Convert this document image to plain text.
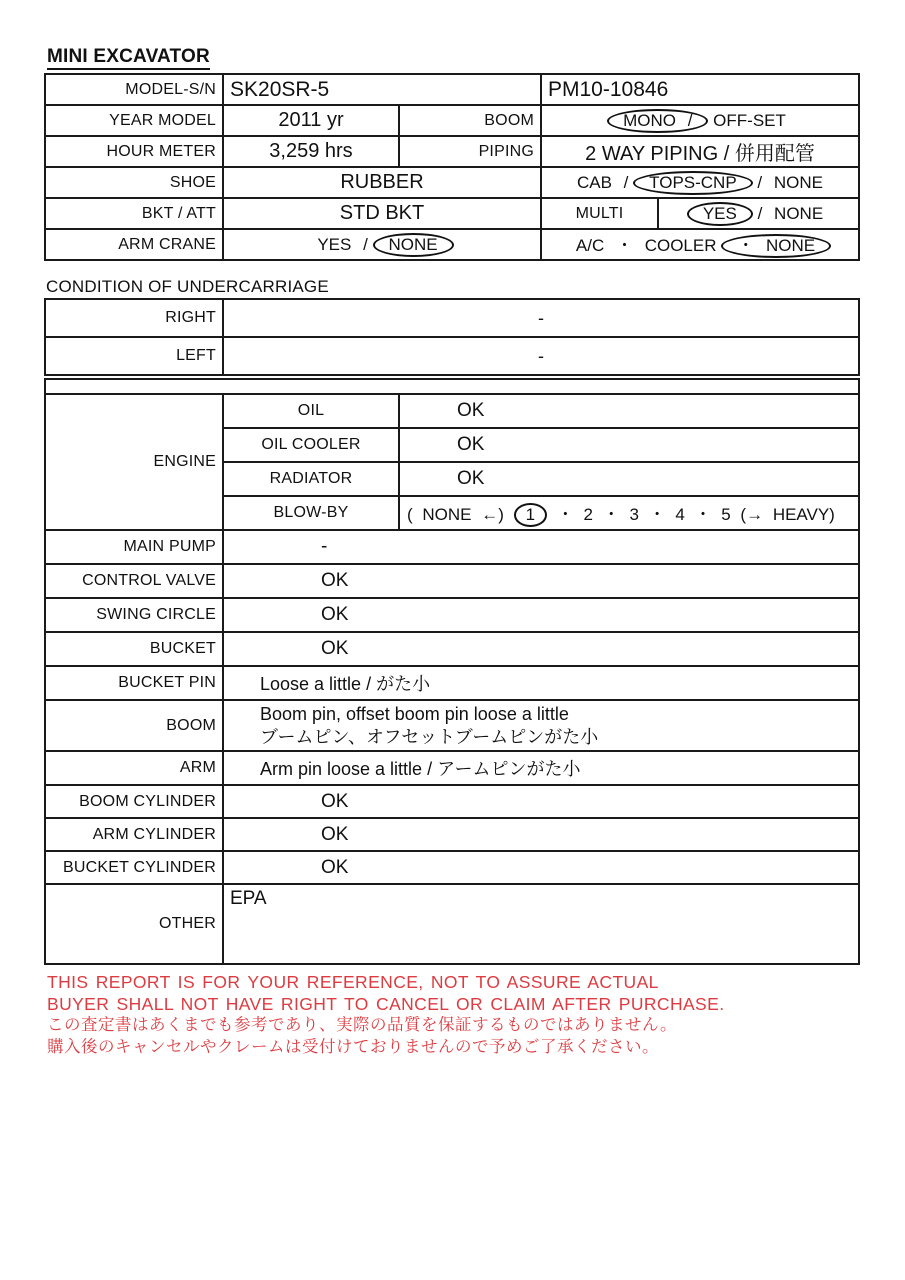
MINI EXCAVATOR
MODEL-S/N	SK20SR-5		PM10-10846	
YEAR MODEL	2011 yr	BOOM	MONO / OFF-SET	
HOUR METER	3,259 hrs	PIPING	2 WAY PIPING / 併用配管	
SHOE	RUBBER		CAB / TOPS-CNP / NONE	
BKT / ATT	STD BKT		MULTI	YES / NONE
ARM CRANE	YES / NONE		A/C ・ COOLER ・ NONE	
CONDITION OF UNDERCARRIAGE
RIGHT	-
LEFT	-

ENGINE	OIL	OK
	OIL COOLER	OK
	RADIATOR	OK
	BLOW-BY	( NONE ←) 1 ・ 2 ・ 3 ・ 4 ・ 5 (→ HEAVY)
MAIN PUMP	-	
CONTROL VALVE	OK	
SWING CIRCLE	OK	
BUCKET	OK	
BUCKET PIN	Loose a little / がた小	
BOOM	Boom pin, offset boom pin loose a little
ブームピン、オフセットブームピンがた小	

ARM	Arm pin loose a little / アームピンがた小	
BOOM CYLINDER	OK	
ARM CYLINDER	OK	
BUCKET CYLINDER	OK	
OTHER	EPA	
THIS REPORT IS FOR YOUR REFERENCE, NOT TO ASSURE ACTUAL
BUYER SHALL NOT HAVE RIGHT TO CANCEL OR CLAIM AFTER PURCHASE.
この査定書はあくまでも参考であり、実際の品質を保証するものではありません。
購入後のキャンセルやクレームは受付けておりませんので予めご了承ください。
